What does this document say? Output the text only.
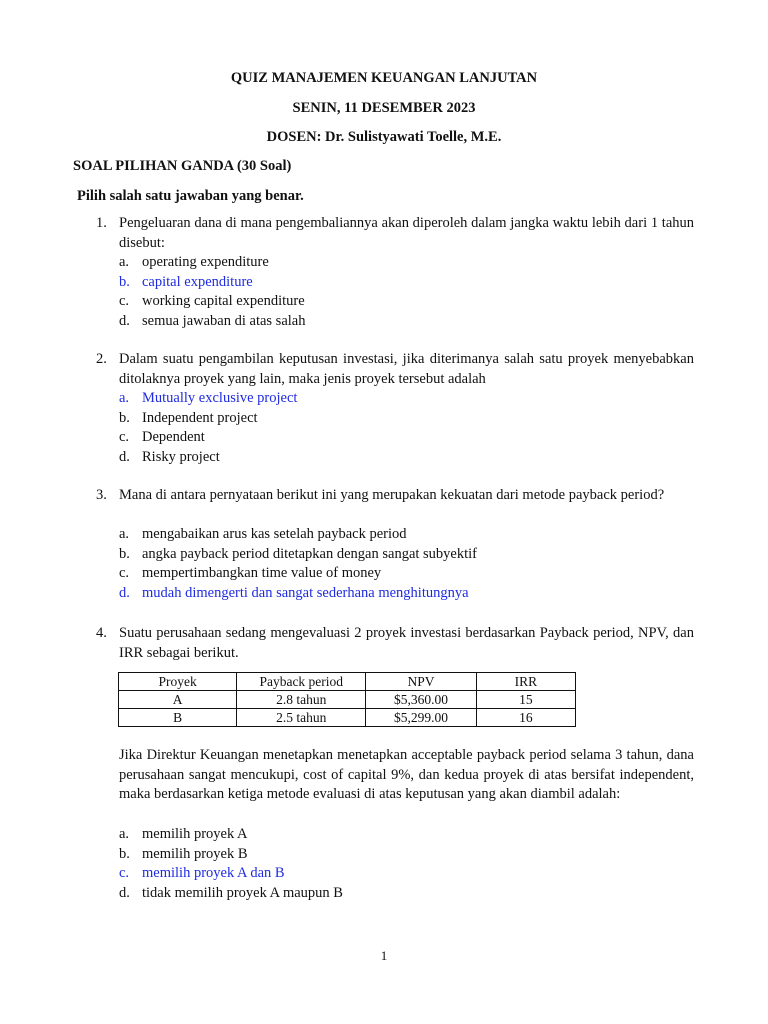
QUIZ MANAJEMEN KEUANGAN LANJUTAN
SENIN, 11 DESEMBER 2023
DOSEN: Dr. Sulistyawati Toelle, M.E.
SOAL PILIHAN GANDA (30 Soal)
Pilih salah satu jawaban yang benar.
1. Pengeluaran dana di mana pengembaliannya akan diperoleh dalam jangka waktu lebih dari 1 tahun disebut:
a. operating expenditure
b. capital expenditure
c. working capital expenditure
d. semua jawaban di atas salah
2. Dalam suatu pengambilan keputusan investasi, jika diterimanya salah satu proyek menyebabkan ditolaknya proyek yang lain, maka jenis proyek tersebut adalah
a. Mutually exclusive project
b. Independent project
c. Dependent
d. Risky project
3. Mana di antara pernyataan berikut ini yang merupakan kekuatan dari metode payback period?
a. mengabaikan arus kas setelah payback period
b. angka payback period ditetapkan dengan sangat subyektif
c. mempertimbangkan time value of money
d. mudah dimengerti dan sangat sederhana menghitungnya
4. Suatu perusahaan sedang mengevaluasi 2 proyek investasi berdasarkan Payback period, NPV, dan IRR sebagai berikut.
Proyek	Payback period	NPV	IRR
A	2.8 tahun	$5,360.00	15
B	2.5 tahun	$5,299.00	16
Jika Direktur Keuangan menetapkan menetapkan acceptable payback period selama 3 tahun, dana perusahaan sangat mencukupi, cost of capital 9%, dan kedua proyek di atas bersifat independent, maka berdasarkan ketiga metode evaluasi di atas keputusan yang akan diambil adalah:
a. memilih proyek A
b. memilih proyek B
c. memilih proyek A dan B
d. tidak memilih proyek A maupun B
1
